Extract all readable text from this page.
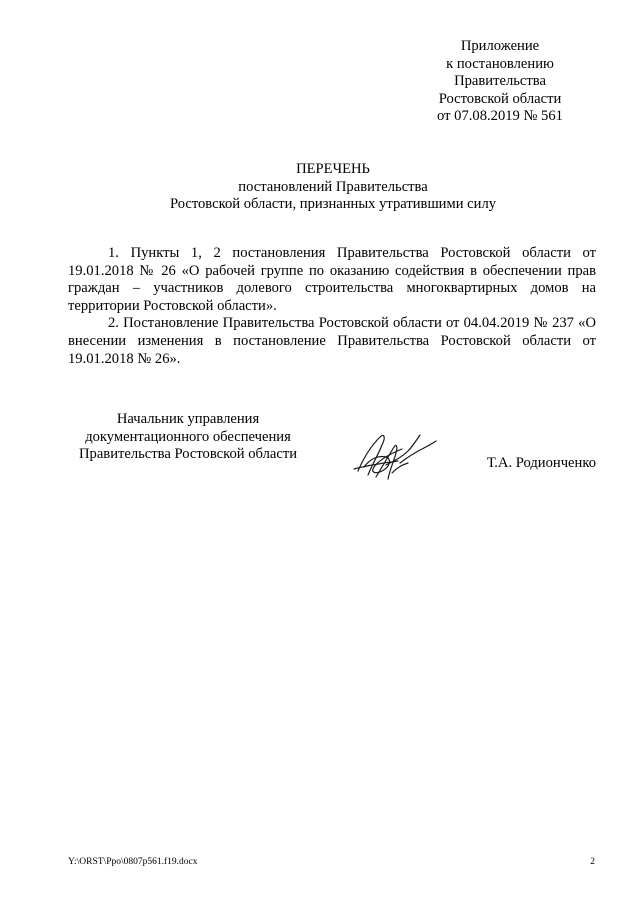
Приложение
к постановлению
Правительства
Ростовской области
от 07.08.2019 № 561
ПЕРЕЧЕНЬ
постановлений Правительства
Ростовской области, признанных утратившими силу

1. Пункты 1, 2 постановления Правительства Ростовской области от 19.01.2018 № 26 «О рабочей группе по оказанию содействия в обеспечении прав граждан – участников долевого строительства многоквартирных домов на территории Ростовской области».

2. Постановление Правительства Ростовской области от 04.04.2019 № 237 «О внесении изменения в постановление Правительства Ростовской области от 19.01.2018 № 26».

Начальник управления
документационного обеспечения
Правительства Ростовской области
Т.А. Родионченко
Y:\ORST\Ppo\0807p561.f19.docx	2
